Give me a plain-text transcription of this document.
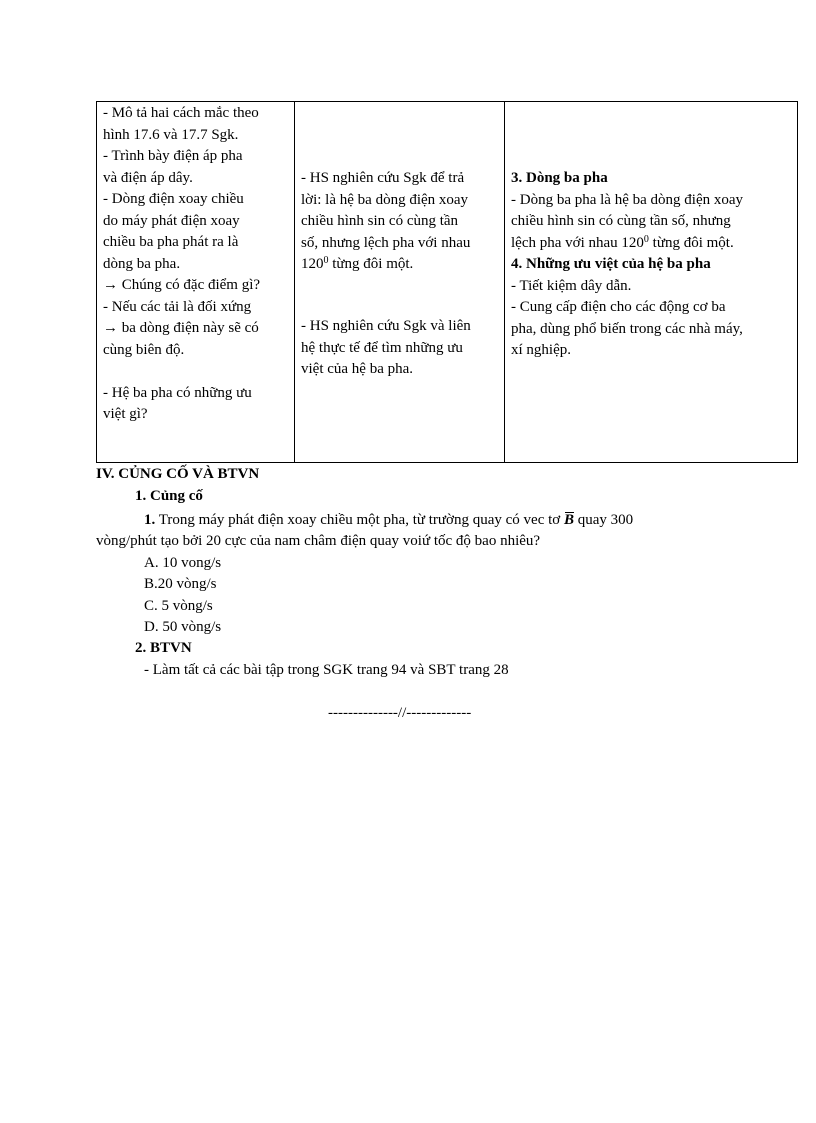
- Mô tả hai cách mắc theo
hình 17.6 và 17.7 Sgk.
- Trình bày điện áp pha
và điện áp dây.
- Dòng điện xoay chiều
do máy phát điện xoay
chiều ba pha phát ra là
dòng ba pha.
→ Chúng có đặc điểm gì?
- Nếu các tải là đối xứng
→ ba dòng điện này sẽ có
cùng biên độ.

- Hệ ba pha có những ưu
việt gì?
- HS nghiên cứu Sgk để trả
lời: là hệ ba dòng điện xoay
chiều hình sin có cùng tần
số, nhưng lệch pha với nhau
$120^0$ từng đôi một.
- HS nghiên cứu Sgk và liên
hệ thực tế để tìm những ưu
việt của hệ ba pha.
3. Dòng ba pha
- Dòng ba pha là hệ ba dòng điện xoay
chiều hình sin có cùng tần số, nhưng
lệch pha với nhau $120^0$ từng đôi một.
4. Những ưu việt của hệ ba pha
- Tiết kiệm dây dẫn.
- Cung cấp điện cho các động cơ ba
pha, dùng phổ biến trong các nhà máy,
xí nghiệp.
IV. CỦNG CỐ VÀ BTVN
1. Củng cố
1. Trong máy phát điện xoay chiều một pha, từ trường quay có vec tơ B quay 300
vòng/phút tạo bởi 20 cực của nam châm điện quay voiứ tốc độ bao nhiêu?
A. 10 vong/s
B.20 vòng/s
C. 5 vòng/s
D. 50 vòng/s
2. BTVN
- Làm tất cả các bài tập trong SGK trang 94 và SBT trang 28
--------------//-------------
